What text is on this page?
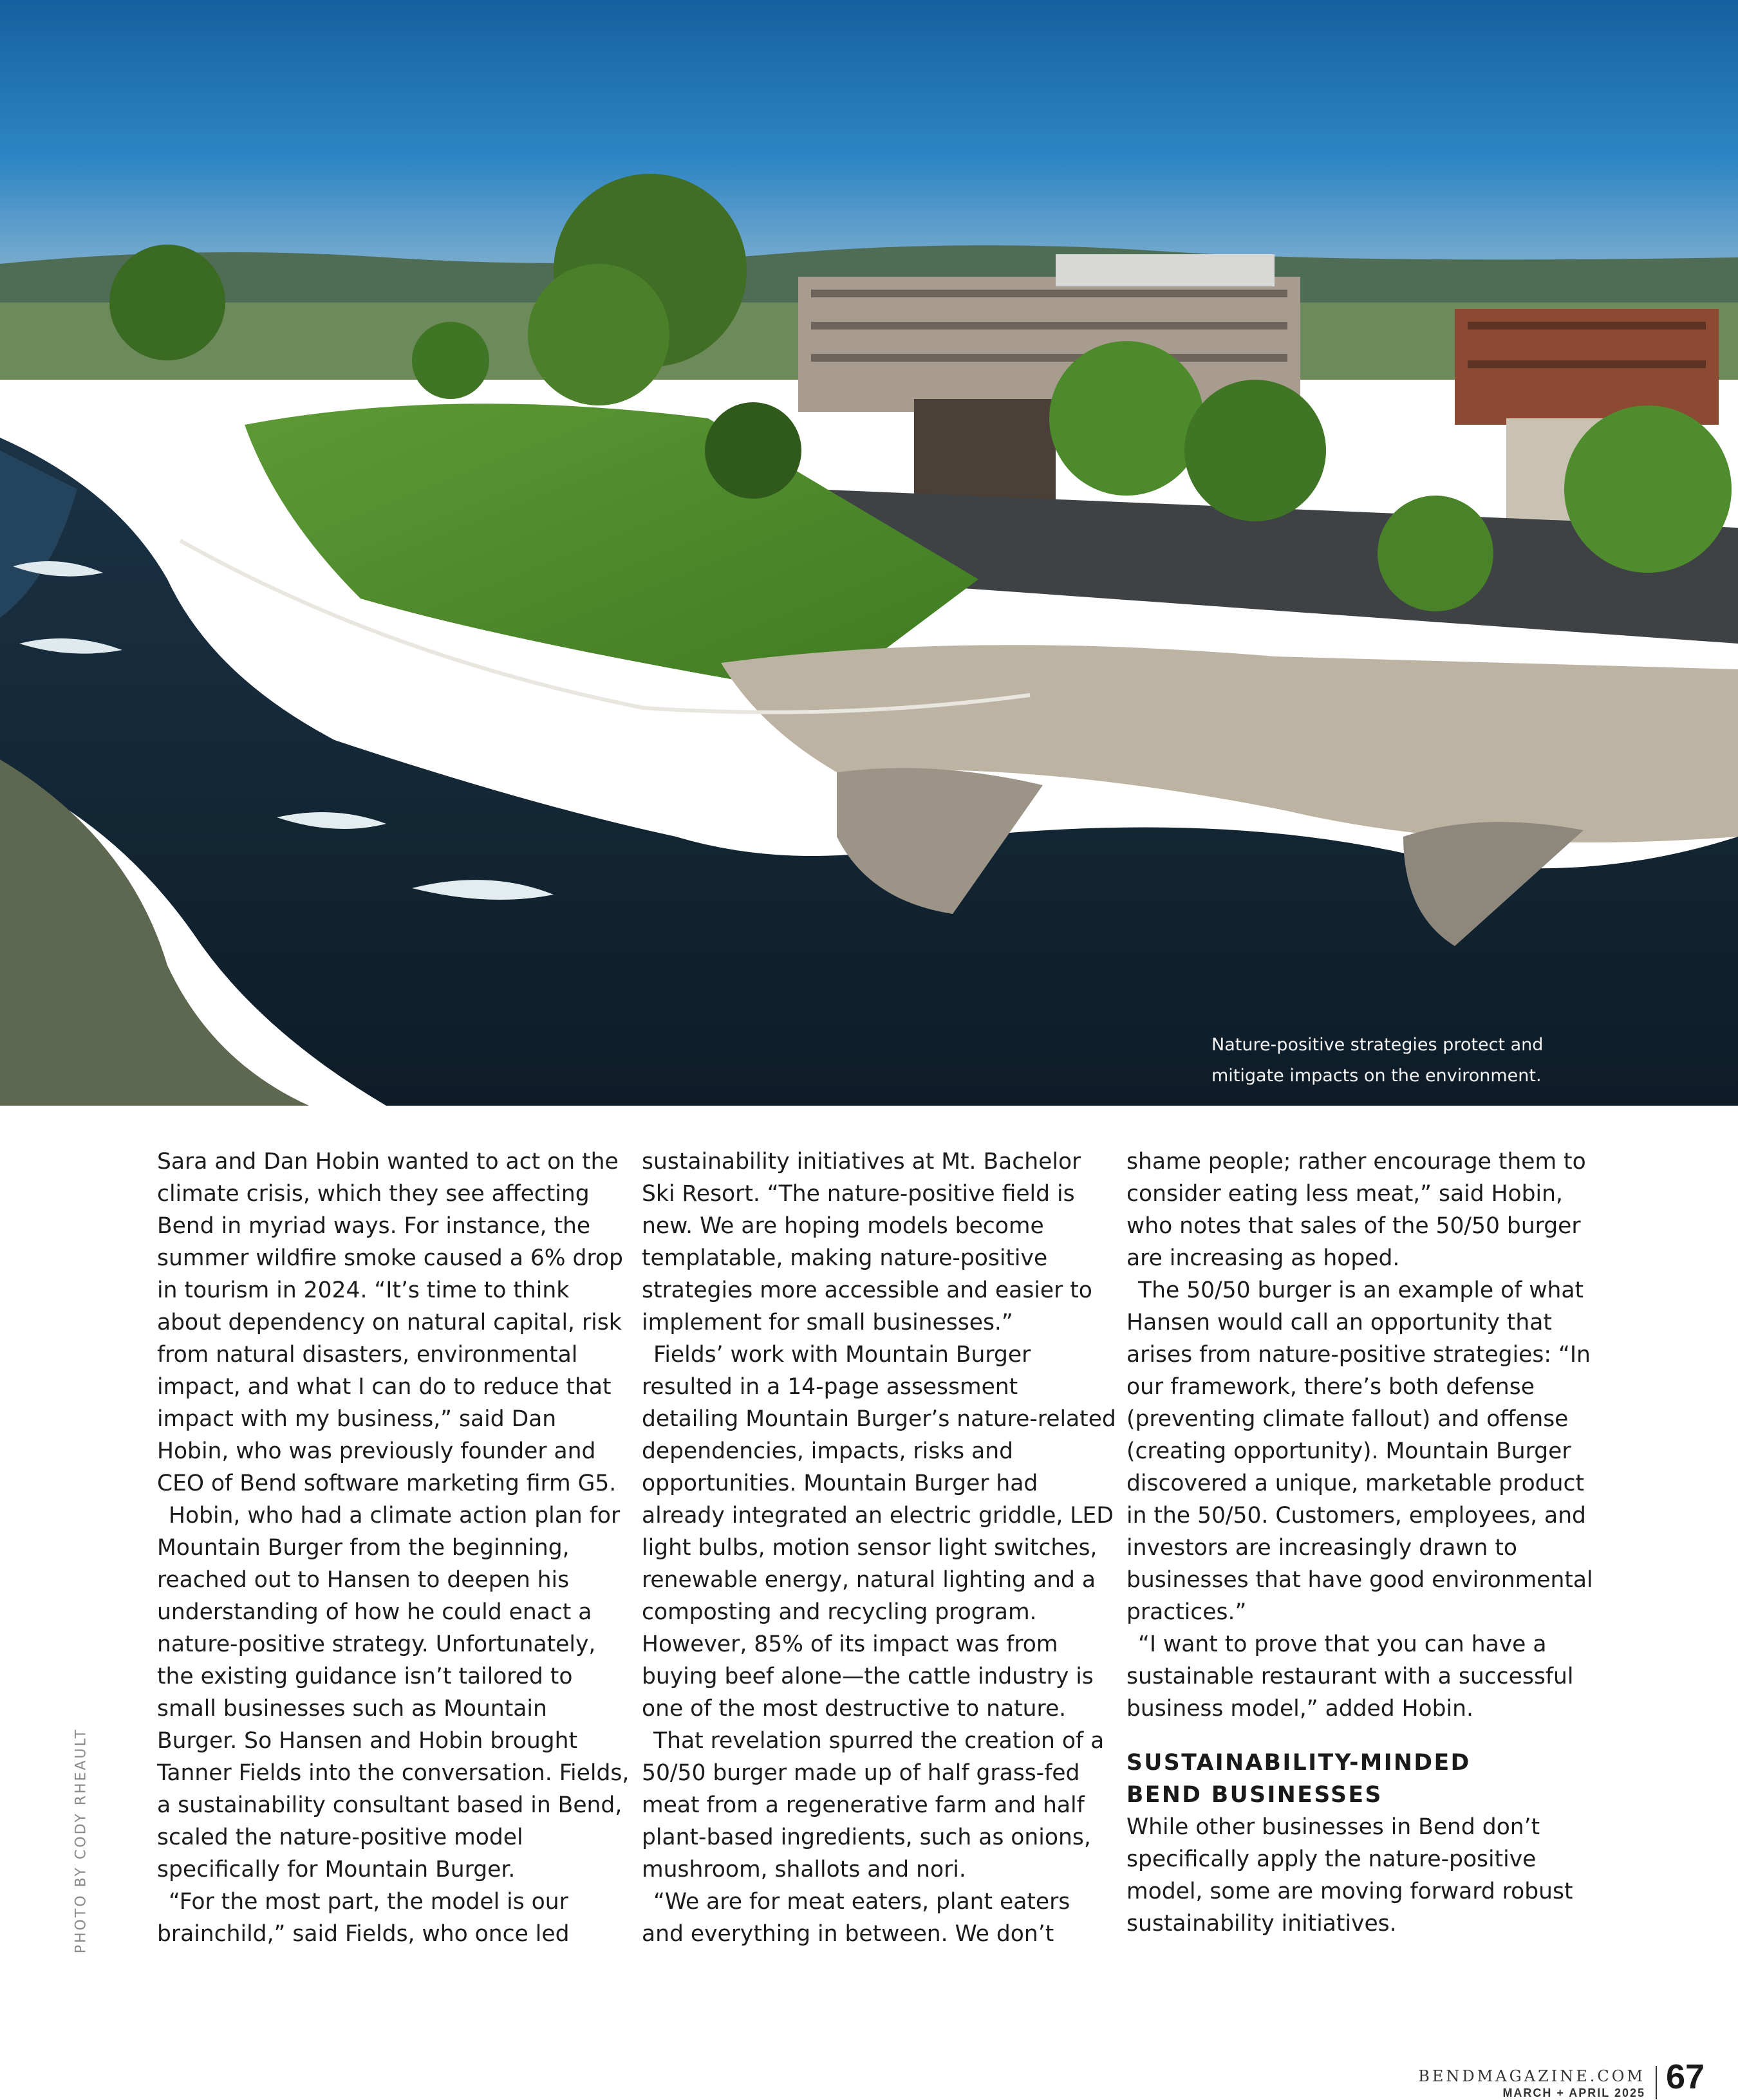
Nature-positive strategies protect and
mitigate impacts on the environment.
PHOTO BY CODY RHEAULT

Sara and Dan Hobin wanted to act on the climate crisis, which they see affecting Bend in myriad ways. For instance, the summer wildfire smoke caused a 6% drop in tourism in 2024. “It’s time to think about dependency on natural capital, risk from natural disasters, environmental impact, and what I can do to reduce that impact with my business,” said Dan Hobin, who was previously founder and CEO of Bend software marketing firm G5.

Hobin, who had a climate action plan for Mountain Burger from the beginning, reached out to Hansen to deepen his understanding of how he could enact a nature-positive strategy. Unfortunately, the existing guidance isn’t tailored to small businesses such as Mountain Burger. So Hansen and Hobin brought Tanner Fields into the conversation. Fields, a sustainability consultant based in Bend, scaled the nature-positive model specifically for Mountain Burger.

“For the most part, the model is our brainchild,” said Fields, who once led

sustainability initiatives at Mt. Bachelor Ski Resort. “The nature-positive field is new. We are hoping models become templatable, making nature-positive strategies more accessible and easier to implement for small businesses.”

Fields’ work with Mountain Burger resulted in a 14-page assessment detailing Mountain Burger’s nature-related dependencies, impacts, risks and opportunities. Mountain Burger had already integrated an electric griddle, LED light bulbs, motion sensor light switches, renewable energy, natural lighting and a composting and recycling program. However, 85% of its impact was from buying beef alone—the cattle industry is one of the most destructive to nature.

That revelation spurred the creation of a 50/50 burger made up of half grass-fed meat from a regenerative farm and half plant-based ingredients, such as onions, mushroom, shallots and nori.

“We are for meat eaters, plant eaters and everything in between. We don’t

shame people; rather encourage them to consider eating less meat,” said Hobin, who notes that sales of the 50/50 burger are increasing as hoped.

The 50/50 burger is an example of what Hansen would call an opportunity that arises from nature-positive strategies: “In our framework, there’s both defense (preventing climate fallout) and offense (creating opportunity). Mountain Burger discovered a unique, marketable product in the 50/50. Customers, employees, and investors are increasingly drawn to businesses that have good environmental practices.”

“I want to prove that you can have a sustainable restaurant with a successful business model,” added Hobin.

SUSTAINABILITY-MINDED
BEND BUSINESSES

While other businesses in Bend don’t specifically apply the nature-positive model, some are moving forward robust sustainability initiatives.

BENDMAGAZINE.COM
MARCH + APRIL 2025 67
